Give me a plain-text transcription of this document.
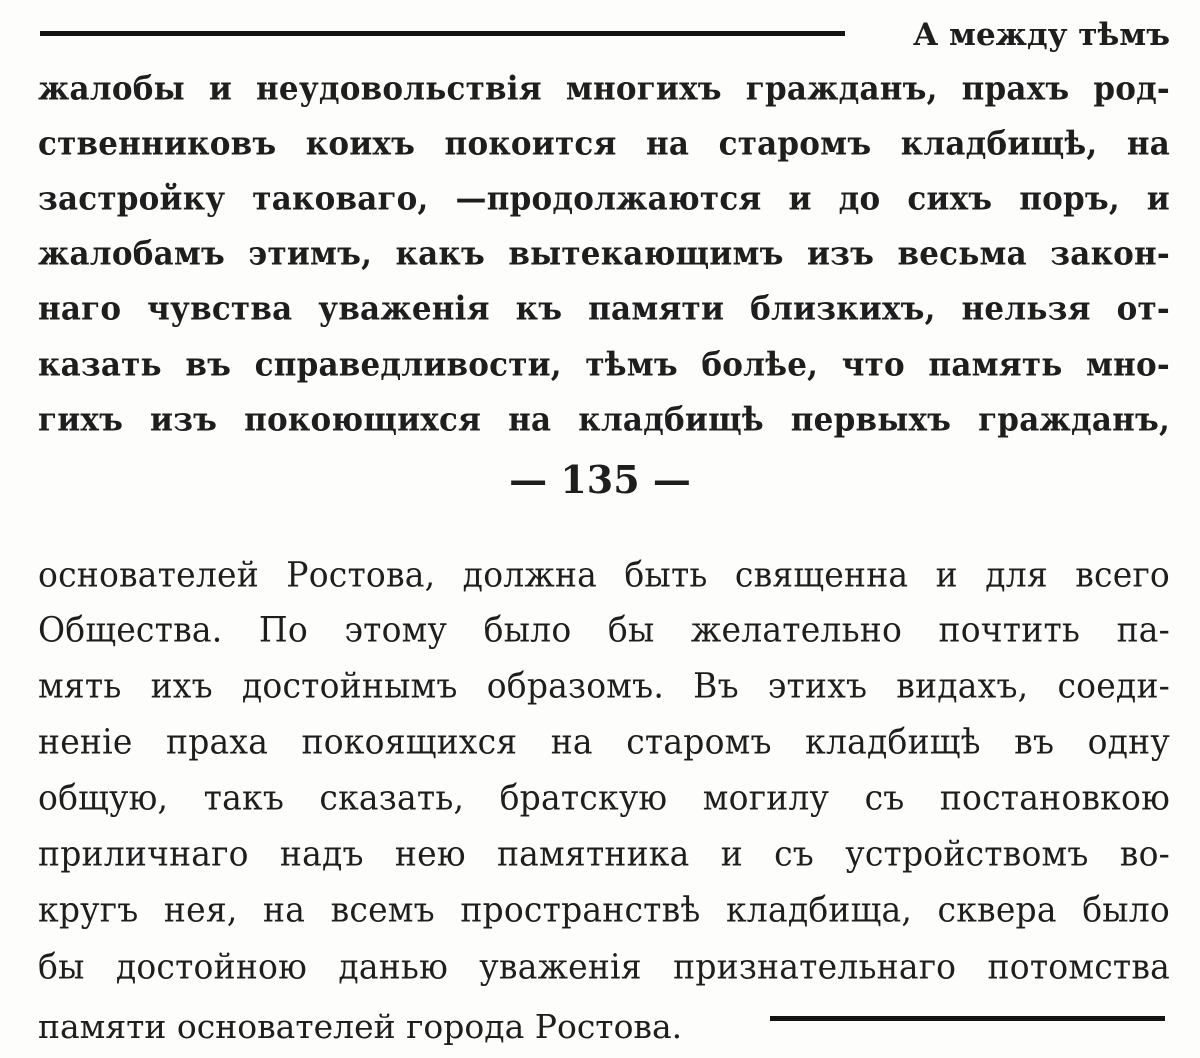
А между тѣмъ
жалобы и неудовольствія многихъ гражданъ, прахъ род-
ственниковъ коихъ покоится на старомъ кладбищѣ, на
застройку таковаго, —продолжаются и до сихъ поръ, и
жалобамъ этимъ, какъ вытекающимъ изъ весьма закон-
наго чувства уваженія къ памяти близкихъ, нельзя от-
казать въ справедливости, тѣмъ болѣе, что память мно-
гихъ изъ покоющихся на кладбищѣ первыхъ гражданъ,
— 135 —
основателей Ростова, должна быть священна и для всего
Общества. По этому было бы желательно почтить па-
мять ихъ достойнымъ образомъ. Въ этихъ видахъ, соеди-
неніе праха покоящихся на старомъ кладбищѣ въ одну
общую, такъ сказать, братскую могилу съ постановкою
приличнаго надъ нею памятника и съ устройствомъ во-
кругъ нея, на всемъ пространствѣ кладбища, сквера было
бы достойною данью уваженія признательнаго потомства
памяти основателей города Ростова.
